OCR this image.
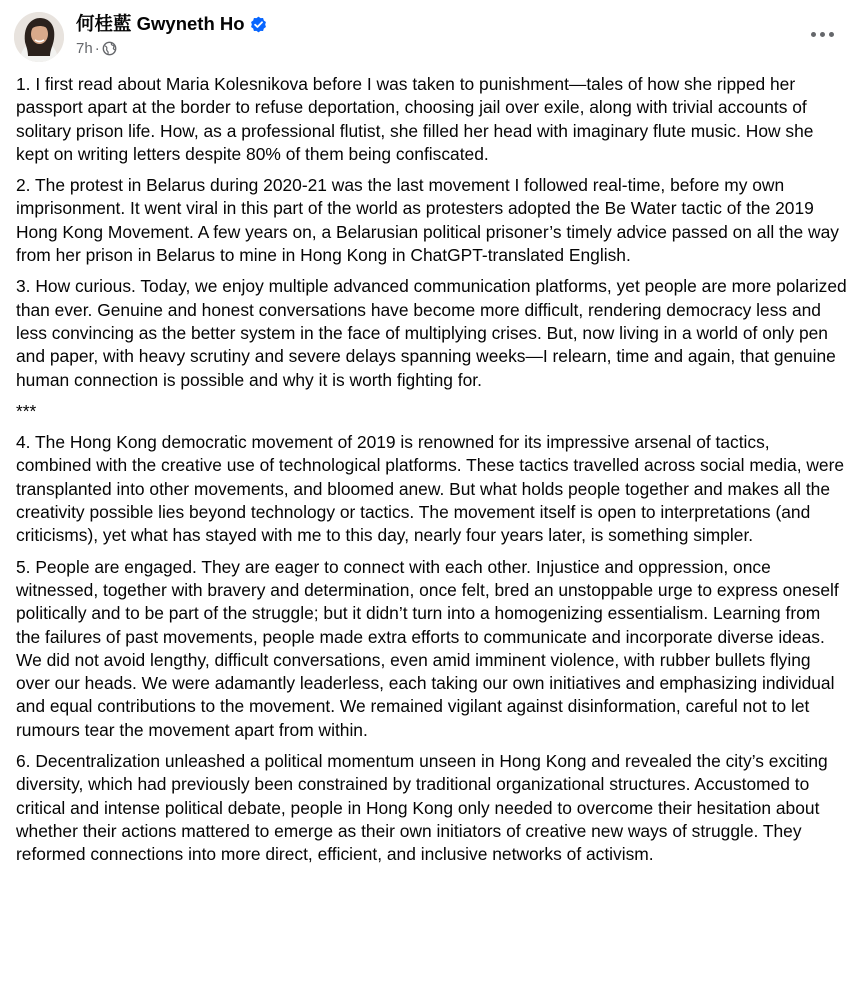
何桂藍 Gwyneth Ho
7h ·

1. I first read about Maria Kolesnikova before I was taken to punishment—tales of how she ripped her passport apart at the border to refuse deportation, choosing jail over exile, along with trivial accounts of solitary prison life. How, as a professional flutist, she filled her head with imaginary flute music. How she kept on writing letters despite 80% of them being confiscated.

2. The protest in Belarus during 2020-21 was the last movement I followed real-time, before my own imprisonment. It went viral in this part of the world as protesters adopted the Be Water tactic of the 2019 Hong Kong Movement. A few years on, a Belarusian political prisoner’s timely advice passed on all the way from her prison in Belarus to mine in Hong Kong in ChatGPT-translated English.

3. How curious. Today, we enjoy multiple advanced communication platforms, yet people are more polarized than ever. Genuine and honest conversations have become more difficult, rendering democracy less and less convincing as the better system in the face of multiplying crises. But, now living in a world of only pen and paper, with heavy scrutiny and severe delays spanning weeks—I relearn, time and again, that genuine human connection is possible and why it is worth fighting for.

***

4. The Hong Kong democratic movement of 2019 is renowned for its impressive arsenal of tactics, combined with the creative use of technological platforms. These tactics travelled across social media, were transplanted into other movements, and bloomed anew. But what holds people together and makes all the creativity possible lies beyond technology or tactics. The movement itself is open to interpretations (and criticisms), yet what has stayed with me to this day, nearly four years later, is something simpler.

5. People are engaged. They are eager to connect with each other. Injustice and oppression, once witnessed, together with bravery and determination, once felt, bred an unstoppable urge to express oneself politically and to be part of the struggle; but it didn’t turn into a homogenizing essentialism. Learning from the failures of past movements, people made extra efforts to communicate and incorporate diverse ideas. We did not avoid lengthy, difficult conversations, even amid imminent violence, with rubber bullets flying over our heads. We were adamantly leaderless, each taking our own initiatives and emphasizing individual and equal contributions to the movement. We remained vigilant against disinformation, careful not to let rumours tear the movement apart from within.

6. Decentralization unleashed a political momentum unseen in Hong Kong and revealed the city’s exciting diversity, which had previously been constrained by traditional organizational structures. Accustomed to critical and intense political debate, people in Hong Kong only needed to overcome their hesitation about whether their actions mattered to emerge as their own initiators of creative new ways of struggle. They reformed connections into more direct, efficient, and inclusive networks of activism.
